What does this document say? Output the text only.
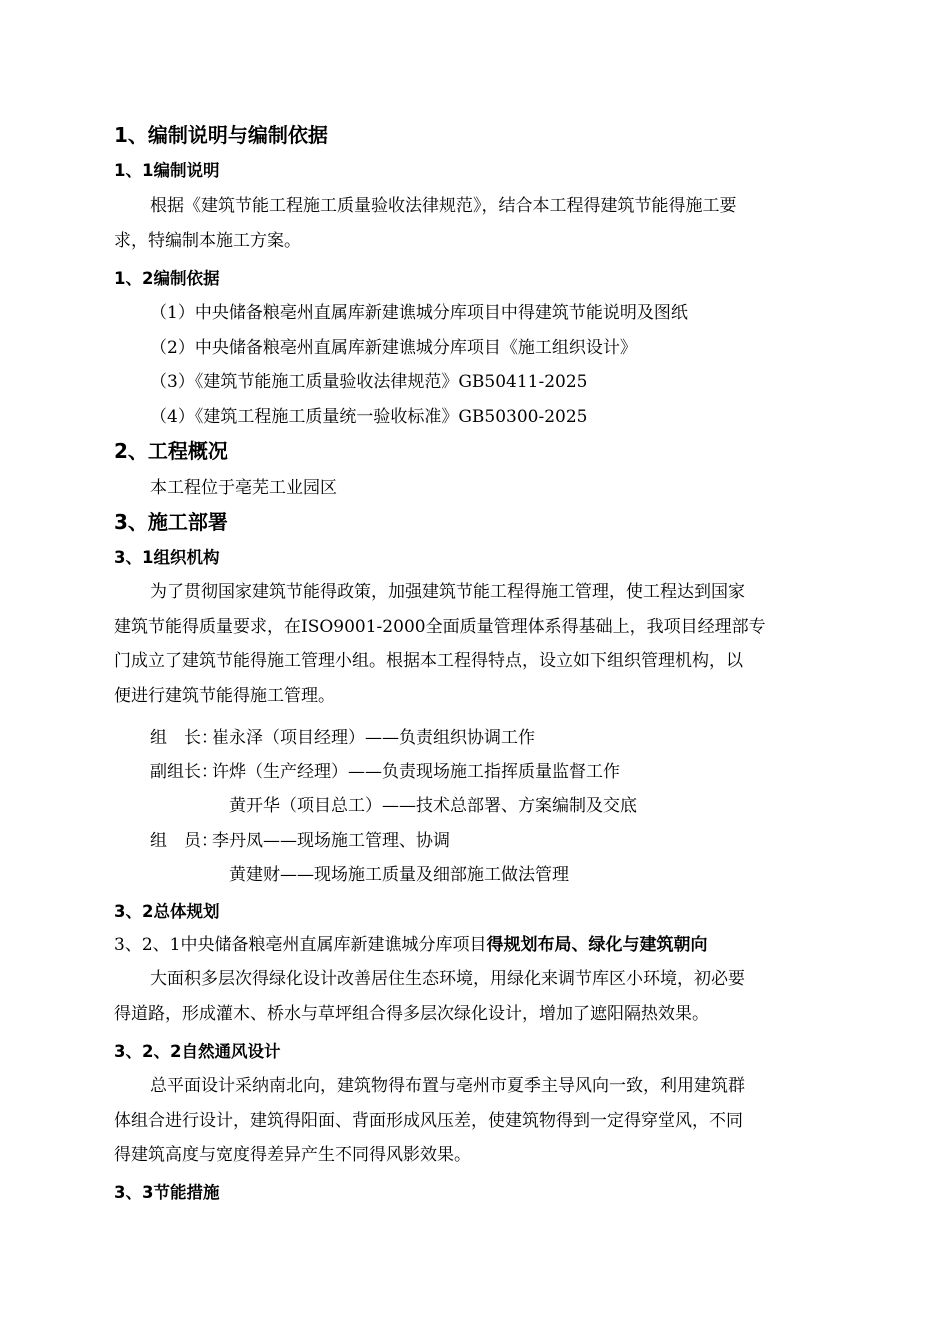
1、编制说明与编制依据
1、1编制说明
根据《建筑节能工程施工质量验收法律规范》，结合本工程得建筑节能得施工要
求，特编制本施工方案。
1、2编制依据
（1）中央储备粮亳州直属库新建谯城分库项目中得建筑节能说明及图纸
（2）中央储备粮亳州直属库新建谯城分库项目《施工组织设计》
（3）《建筑节能施工质量验收法律规范》GB50411-2025
（4）《建筑工程施工质量统一验收标准》GB50300-2025
2、工程概况
本工程位于亳芜工业园区
3、施工部署
3、1组织机构
为了贯彻国家建筑节能得政策，加强建筑节能工程得施工管理，使工程达到国家
建筑节能得质量要求，在ISO9001-2000全面质量管理体系得基础上，我项目经理部专
门成立了建筑节能得施工管理小组。根据本工程得特点，设立如下组织管理机构，以
便进行建筑节能得施工管理。
组　长：崔永泽（项目经理）——负责组织协调工作
副组长：许烨（生产经理）——负责现场施工指挥质量监督工作
黄开华（项目总工）——技术总部署、方案编制及交底
组　员：李丹凤——现场施工管理、协调
黄建财——现场施工质量及细部施工做法管理
3、2总体规划
3、2、1中央储备粮亳州直属库新建谯城分库项目得规划布局、绿化与建筑朝向
大面积多层次得绿化设计改善居住生态环境，用绿化来调节库区小环境，初必要
得道路，形成灌木、桥水与草坪组合得多层次绿化设计，增加了遮阳隔热效果。
3、2、2自然通风设计
总平面设计采纳南北向，建筑物得布置与亳州市夏季主导风向一致，利用建筑群
体组合进行设计，建筑得阳面、背面形成风压差，使建筑物得到一定得穿堂风，不同
得建筑高度与宽度得差异产生不同得风影效果。
3、3节能措施
